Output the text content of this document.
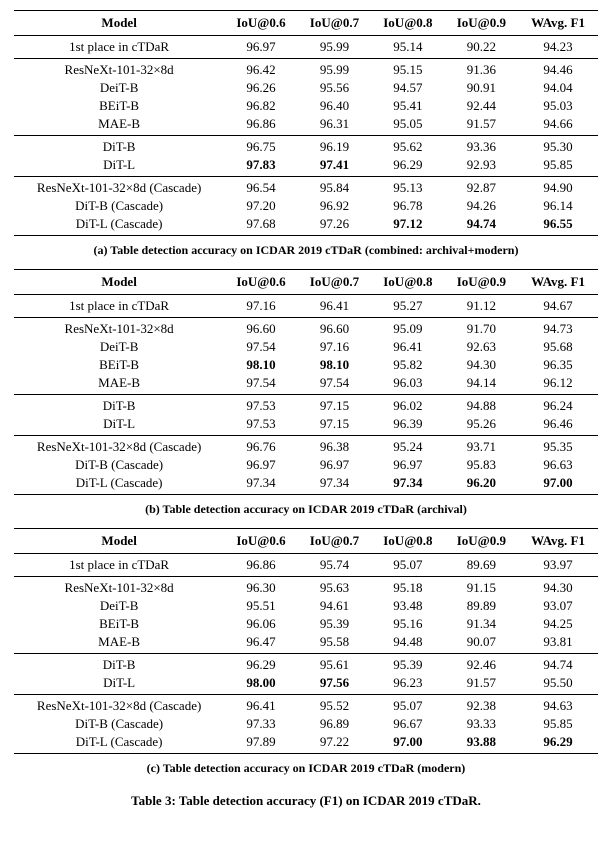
Model	IoU@0.6	IoU@0.7	IoU@0.8	IoU@0.9	WAvg. F1
1st place in cTDaR	96.97	95.99	95.14	90.22	94.23
ResNeXt-101-32×8d	96.42	95.99	95.15	91.36	94.46
DeiT-B	96.26	95.56	94.57	90.91	94.04
BEiT-B	96.82	96.40	95.41	92.44	95.03
MAE-B	96.86	96.31	95.05	91.57	94.66
DiT-B	96.75	96.19	95.62	93.36	95.30
DiT-L	97.83	97.41	96.29	92.93	95.85
ResNeXt-101-32×8d (Cascade)	96.54	95.84	95.13	92.87	94.90
DiT-B (Cascade)	97.20	96.92	96.78	94.26	96.14
DiT-L (Cascade)	97.68	97.26	97.12	94.74	96.55
(a) Table detection accuracy on ICDAR 2019 cTDaR (combined: archival+modern)
Model	IoU@0.6	IoU@0.7	IoU@0.8	IoU@0.9	WAvg. F1
1st place in cTDaR	97.16	96.41	95.27	91.12	94.67
ResNeXt-101-32×8d	96.60	96.60	95.09	91.70	94.73
DeiT-B	97.54	97.16	96.41	92.63	95.68
BEiT-B	98.10	98.10	95.82	94.30	96.35
MAE-B	97.54	97.54	96.03	94.14	96.12
DiT-B	97.53	97.15	96.02	94.88	96.24
DiT-L	97.53	97.15	96.39	95.26	96.46
ResNeXt-101-32×8d (Cascade)	96.76	96.38	95.24	93.71	95.35
DiT-B (Cascade)	96.97	96.97	96.97	95.83	96.63
DiT-L (Cascade)	97.34	97.34	97.34	96.20	97.00
(b) Table detection accuracy on ICDAR 2019 cTDaR (archival)
Model	IoU@0.6	IoU@0.7	IoU@0.8	IoU@0.9	WAvg. F1
1st place in cTDaR	96.86	95.74	95.07	89.69	93.97
ResNeXt-101-32×8d	96.30	95.63	95.18	91.15	94.30
DeiT-B	95.51	94.61	93.48	89.89	93.07
BEiT-B	96.06	95.39	95.16	91.34	94.25
MAE-B	96.47	95.58	94.48	90.07	93.81
DiT-B	96.29	95.61	95.39	92.46	94.74
DiT-L	98.00	97.56	96.23	91.57	95.50
ResNeXt-101-32×8d (Cascade)	96.41	95.52	95.07	92.38	94.63
DiT-B (Cascade)	97.33	96.89	96.67	93.33	95.85
DiT-L (Cascade)	97.89	97.22	97.00	93.88	96.29
(c) Table detection accuracy on ICDAR 2019 cTDaR (modern)
Table 3: Table detection accuracy (F1) on ICDAR 2019 cTDaR.
